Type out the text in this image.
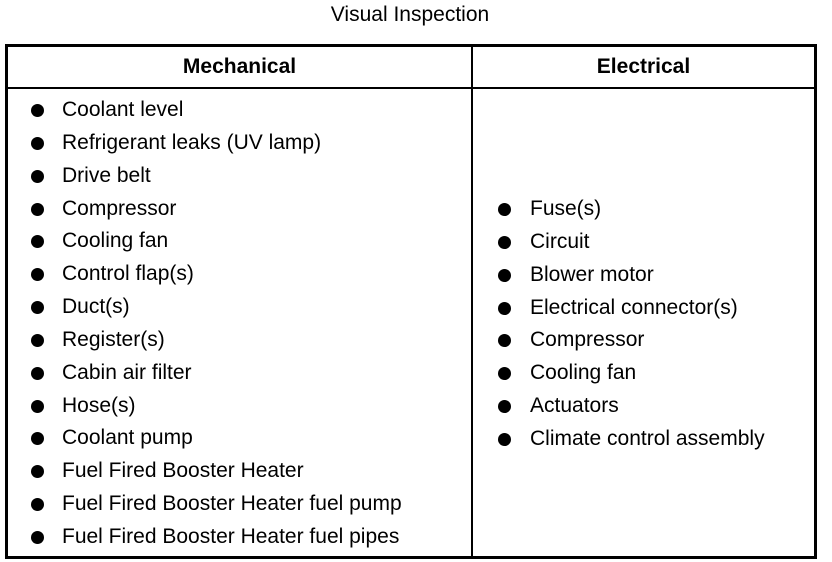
Visual Inspection
Mechanical	Electrical
Coolant level
Refrigerant leaks (UV lamp)
Drive belt
Compressor
Cooling fan
Control flap(s)
Duct(s)
Register(s)
Cabin air filter
Hose(s)
Coolant pump
Fuel Fired Booster Heater
Fuel Fired Booster Heater fuel pump
Fuel Fired Booster Heater fuel pipes
Fuse(s)
Circuit
Blower motor
Electrical connector(s)
Compressor
Cooling fan
Actuators
Climate control assembly
